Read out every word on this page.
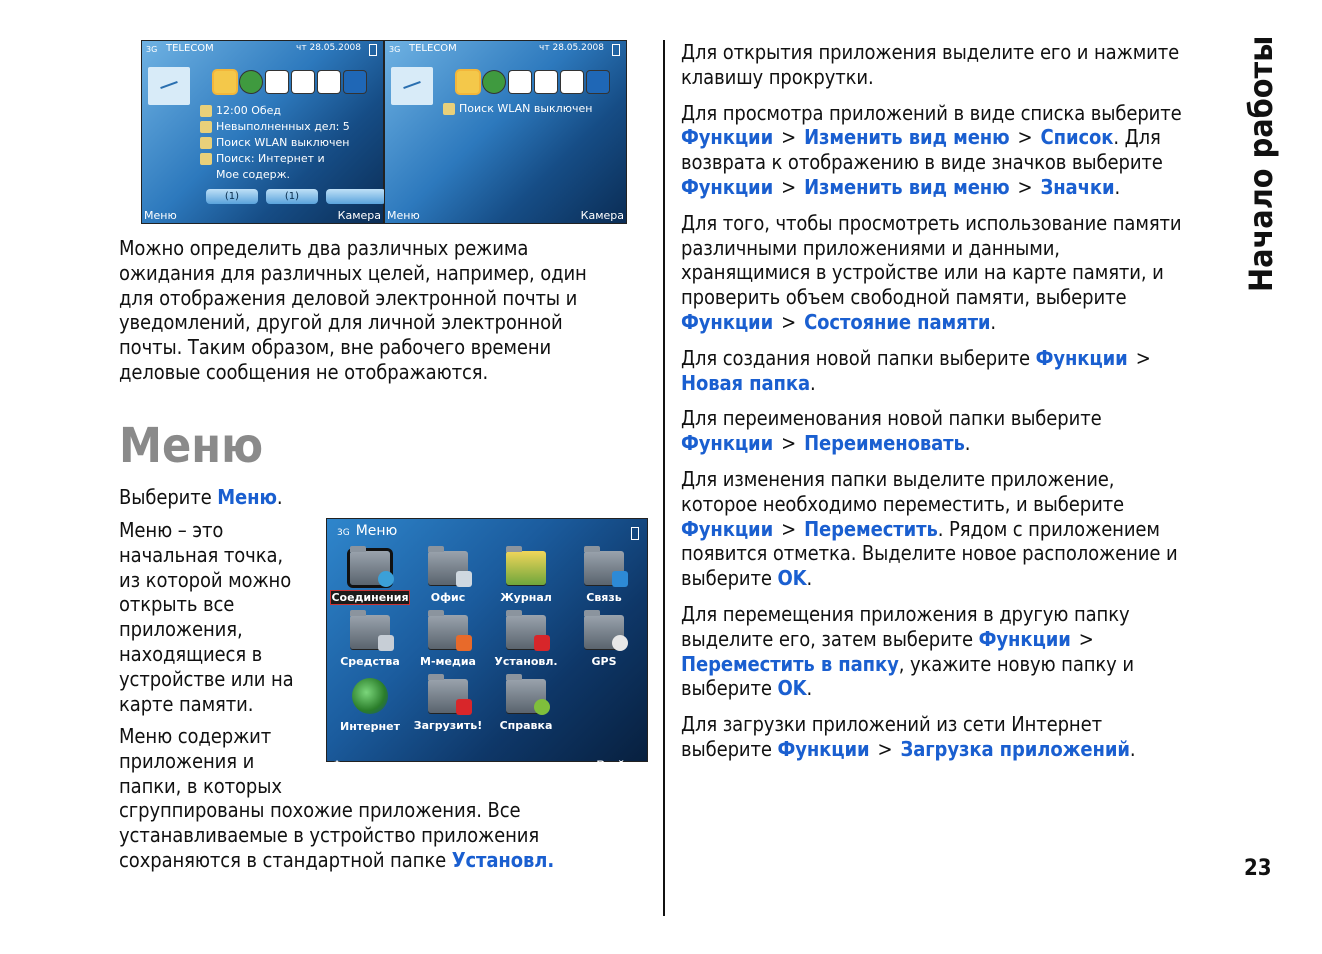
3G TELECOM	чт 28.05.2008
12:00 Обед
Невыполненных дел: 5
Поиск WLAN выключен
Поиск: Интернет и
Мое содерж.
(1)	(1)
Меню	Камера
3G TELECOM	чт 28.05.2008
Поиск WLAN выключен
Меню	Камера
Можно определить два различных режима
ожидания для различных целей, например, один
для отображения деловой электронной почты и
уведомлений, другой для личной электронной
почты. Таким образом, вне рабочего времени
деловые сообщения не отображаются.
Меню
Выберите Меню.
Меню – это
начальная точка,
из которой можно
открыть все
приложения,
находящиеся в
устройстве или на
карте памяти.
Меню содержит
приложения и
папки, в которых
сгруппированы похожие приложения. Все
устанавливаемые в устройство приложения
сохраняются в стандартной папке Установл.
3G Меню
Соединения	Офис	Журнал	Связь
Средства	M-медиа	Установл.	GPS
Интернет	Загрузить!	Справка
Функции	Выйти
Для открытия приложения выделите его и нажмите
клавишу прокрутки.
Для просмотра приложений в виде списка выберите
Функции > Изменить вид меню > Список. Для
возврата к отображению в виде значков выберите
Функции > Изменить вид меню > Значки.
Для того, чтобы просмотреть использование памяти
различными приложениями и данными,
хранящимися в устройстве или на карте памяти, и
проверить объем свободной памяти, выберите
Функции > Состояние памяти.
Для создания новой папки выберите Функции >
Новая папка.
Для переименования новой папки выберите
Функции > Переименовать.
Для изменения папки выделите приложение,
которое необходимо переместить, и выберите
Функции > Переместить. Рядом с приложением
появится отметка. Выделите новое расположение и
выберите OK.
Для перемещения приложения в другую папку
выделите его, затем выберите Функции >
Переместить в папку, укажите новую папку и
выберите OK.
Для загрузки приложений из сети Интернет
выберите Функции > Загрузка приложений.
Начало работы
23
